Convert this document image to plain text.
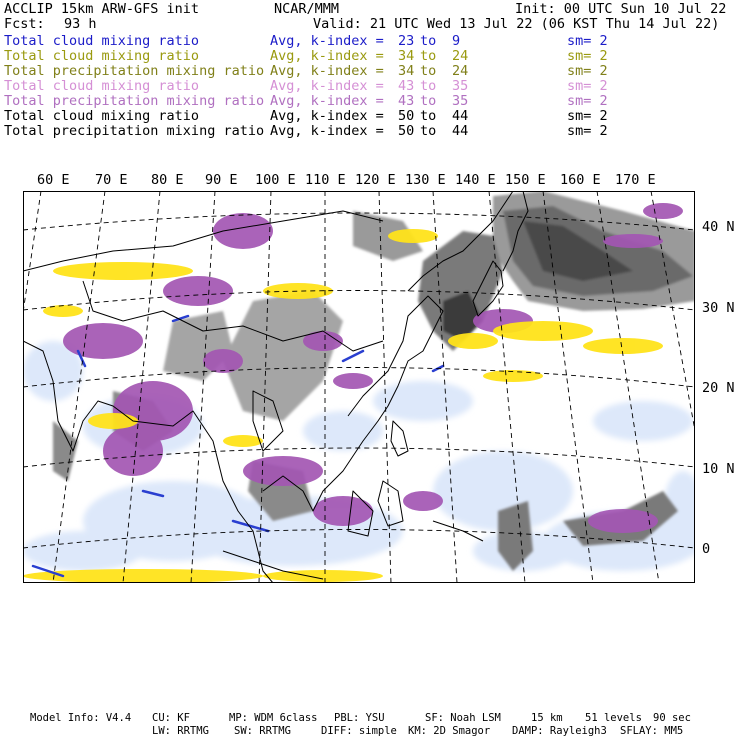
ACCLIP 15km ARW-GFS init	NCAR/MMM	Init: 00 UTC Sun 10 Jul 22
Fcst: 93 h	Valid: 21 UTC Wed 13 Jul 22 (06 KST Thu 14 Jul 22)
Total cloud mixing ratio	Avg, k-index = 23 to 9	sm= 2
Total cloud mixing ratio	Avg, k-index = 34 to 24	sm= 2
Total precipitation mixing ratio Avg, k-index = 34 to 24	sm= 2
Total cloud mixing ratio	Avg, k-index = 43 to 35	sm= 2
Total precipitation mixing ratio Avg, k-index = 43 to 35	sm= 2
Total cloud mixing ratio	Avg, k-index = 50 to 44	sm= 2
Total precipitation mixing ratio Avg, k-index = 50 to 44	sm= 2
60 E 70 E 80 E 90 E 100 E 110 E 120 E 130 E 140 E 150 E 160 E 170 E
40 N
30 N
20 N
10 N
0
Model Info: V4.4 CU: KF	MP: WDM 6class PBL: YSU	SF: Noah LSM	15 km 51 levels 90 sec
LW: RRTMG SW: RRTMG	DIFF: simple KM: 2D Smagor DAMP: Rayleigh3 SFLAY: MM5
